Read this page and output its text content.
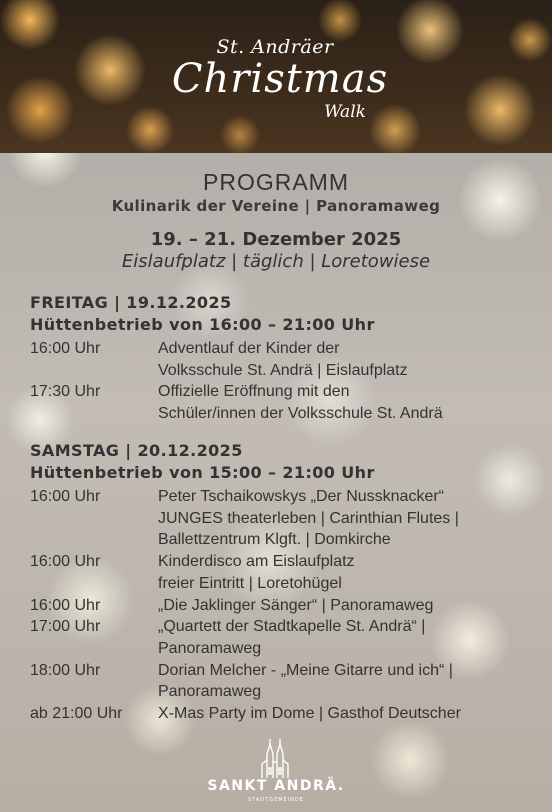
St. Andräer
Christmas
Walk
PROGRAMM
Kulinarik der Vereine | Panoramaweg
19. – 21. Dezember 2025
Eislaufplatz | täglich | Loretowiese
FREITAG | 19.12.2025
Hüttenbetrieb von 16:00 – 21:00 Uhr
16:00 Uhr	Adventlauf der Kinder der
Volksschule St. Andrä | Eislaufplatz
17:30 Uhr	Offizielle Eröffnung mit den
Schüler/innen der Volksschule St. Andrä
SAMSTAG | 20.12.2025
Hüttenbetrieb von 15:00 – 21:00 Uhr
16:00 Uhr	Peter Tschaikowskys „Der Nussknacker“
JUNGES theaterleben | Carinthian Flutes |
Ballettzentrum Klgft. | Domkirche
16:00 Uhr	Kinderdisco am Eislaufplatz
freier Eintritt | Loretohügel
16:00 Uhr	„Die Jaklinger Sänger“ | Panoramaweg
17:00 Uhr	„Quartett der Stadtkapelle St. Andrä“ |
Panoramaweg
18:00 Uhr	Dorian Melcher - „Meine Gitarre und ich“ |
Panoramaweg
ab 21:00 Uhr	X-Mas Party im Dome | Gasthof Deutscher
SANKT ANDRÄ.
STADTGEMEINDE
